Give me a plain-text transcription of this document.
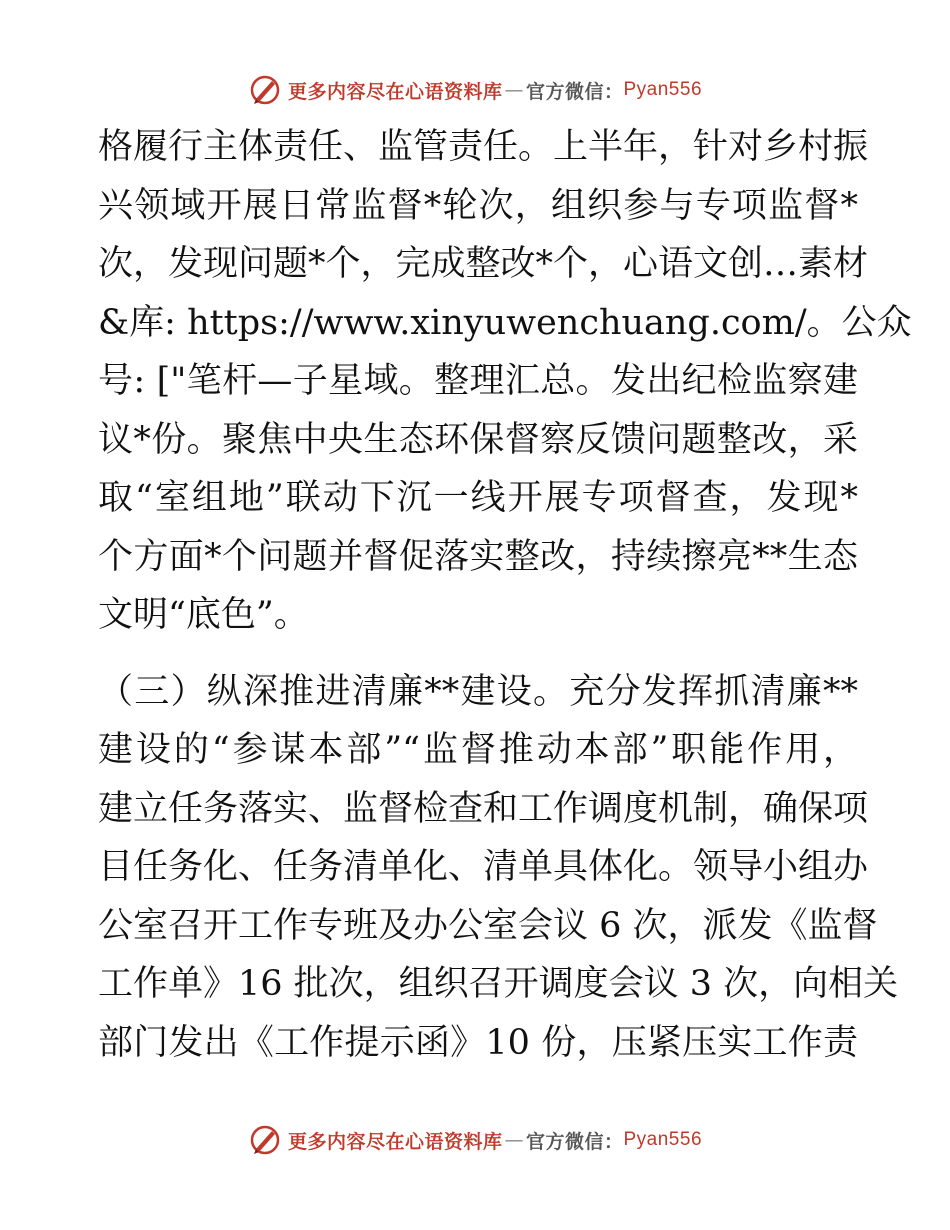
更多内容尽在心语资料库 — 官方微信： Pyan556

格履行主体责任、监管责任。上半年，针对乡村振
兴领域开展日常监督*轮次，组织参与专项监督*
次，发现问题*个，完成整改*个，心语文创…素材
&库: https://www.xinyuwenchuang.com/。公众
号: ["笔杆—子星域。整理汇总。发出纪检监察建
议*份。聚焦中央生态环保督察反馈问题整改，采
取“室组地”联动下沉一线开展专项督查，发现*
个方面*个问题并督促落实整改，持续擦亮**生态
文明“底色”。

（三）纵深推进清廉**建设。充分发挥抓清廉**
建设的“参谋本部”“监督推动本部”职能作用，
建立任务落实、监督检查和工作调度机制，确保项
目任务化、任务清单化、清单具体化。领导小组办
公室召开工作专班及办公室会议 6 次，派发《监督
工作单》16 批次，组织召开调度会议 3 次，向相关
部门发出《工作提示函》10 份，压紧压实工作责

更多内容尽在心语资料库 — 官方微信： Pyan556
